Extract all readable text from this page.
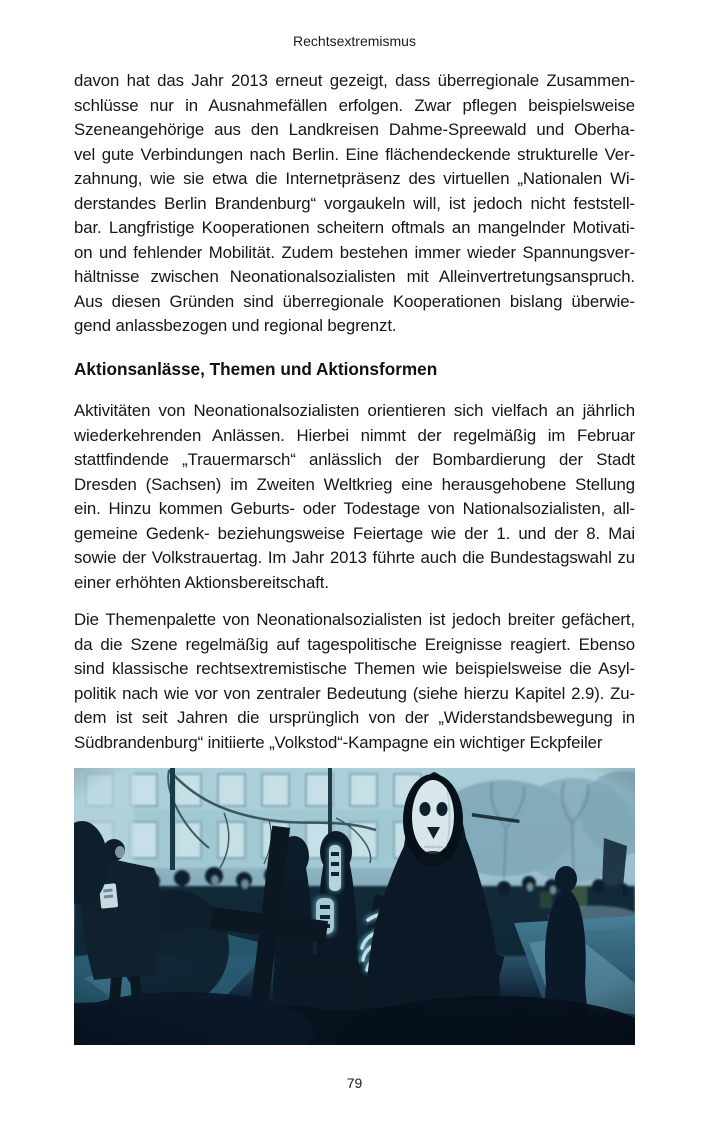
Rechtsextremismus
davon hat das Jahr 2013 erneut gezeigt, dass überregionale Zusammen-
schlüsse nur in Ausnahmefällen erfolgen. Zwar pflegen beispielsweise
Szeneangehörige aus den Landkreisen Dahme-Spreewald und Oberha-
vel gute Verbindungen nach Berlin. Eine flächendeckende strukturelle Ver-
zahnung, wie sie etwa die Internetpräsenz des virtuellen „Nationalen Wi-
derstandes Berlin Brandenburg“ vorgaukeln will, ist jedoch nicht feststell-
bar. Langfristige Kooperationen scheitern oftmals an mangelnder Motivati-
on und fehlender Mobilität. Zudem bestehen immer wieder Spannungsver-
hältnisse zwischen Neonationalsozialisten mit Alleinvertretungsanspruch.
Aus diesen Gründen sind überregionale Kooperationen bislang überwie-
gend anlassbezogen und regional begrenzt.
Aktionsanlässe, Themen und Aktionsformen
Aktivitäten von Neonationalsozialisten orientieren sich vielfach an jährlich
wiederkehrenden Anlässen. Hierbei nimmt der regelmäßig im Februar
stattfindende „Trauermarsch“ anlässlich der Bombardierung der Stadt
Dresden (Sachsen) im Zweiten Weltkrieg eine herausgehobene Stellung
ein. Hinzu kommen Geburts- oder Todestage von Nationalsozialisten, all-
gemeine Gedenk- beziehungsweise Feiertage wie der 1. und der 8. Mai
sowie der Volkstrauertag. Im Jahr 2013 führte auch die Bundestagswahl zu
einer erhöhten Aktionsbereitschaft.
Die Themenpalette von Neonationalsozialisten ist jedoch breiter gefächert,
da die Szene regelmäßig auf tagespolitische Ereignisse reagiert. Ebenso
sind klassische rechtsextremistische Themen wie beispielsweise die Asyl-
politik nach wie vor von zentraler Bedeutung (siehe hierzu Kapitel 2.9). Zu-
dem ist seit Jahren die ursprünglich von der „Widerstandsbewegung in
Südbrandenburg“ initiierte „Volkstod“-Kampagne ein wichtiger Eckpfeiler
79
